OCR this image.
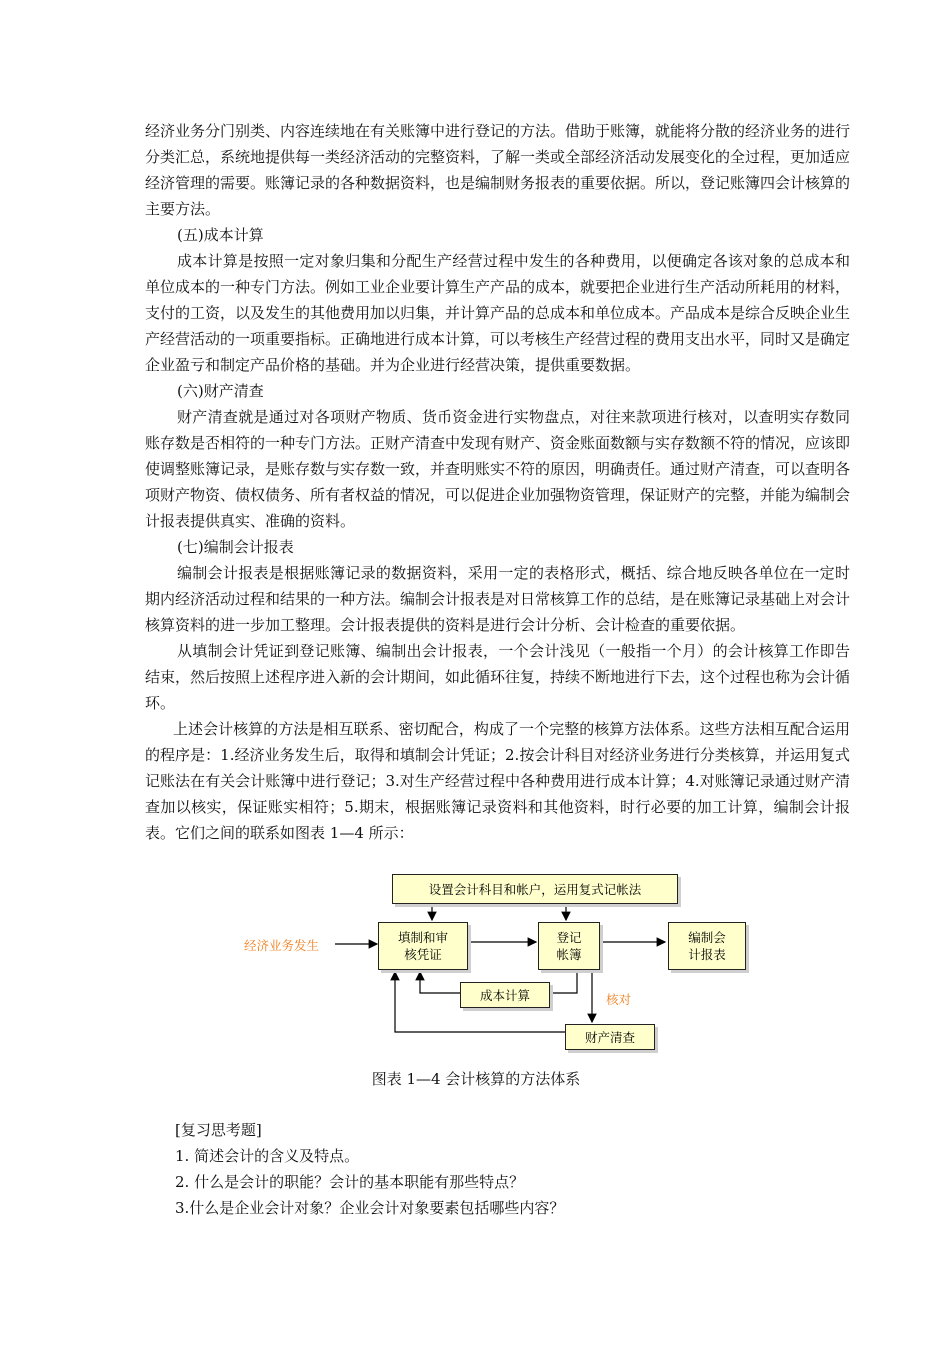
经济业务分门别类、内容连续地在有关账簿中进行登记的方法。借助于账簿，就能将分散的经济业务的进行分类汇总，系统地提供每一类经济活动的完整资料，了解一类或全部经济活动发展变化的全过程，更加适应经济管理的需要。账簿记录的各种数据资料，也是编制财务报表的重要依据。所以，登记账簿四会计核算的主要方法。

(五)成本计算

成本计算是按照一定对象归集和分配生产经营过程中发生的各种费用，以便确定各该对象的总成本和单位成本的一种专门方法。例如工业企业要计算生产产品的成本，就要把企业进行生产活动所耗用的材料，支付的工资，以及发生的其他费用加以归集，并计算产品的总成本和单位成本。产品成本是综合反映企业生产经营活动的一项重要指标。正确地进行成本计算，可以考核生产经营过程的费用支出水平，同时又是确定企业盈亏和制定产品价格的基础。并为企业进行经营决策，提供重要数据。

(六)财产清查

财产清查就是通过对各项财产物质、货币资金进行实物盘点，对往来款项进行核对，以查明实存数同账存数是否相符的一种专门方法。正财产清查中发现有财产、资金账面数额与实存数额不符的情况，应该即使调整账簿记录，是账存数与实存数一致，并查明账实不符的原因，明确责任。通过财产清查，可以查明各项财产物资、债权债务、所有者权益的情况，可以促进企业加强物资管理，保证财产的完整，并能为编制会计报表提供真实、准确的资料。

(七)编制会计报表

编制会计报表是根据账簿记录的数据资料，采用一定的表格形式，概括、综合地反映各单位在一定时期内经济活动过程和结果的一种方法。编制会计报表是对日常核算工作的总结，是在账簿记录基础上对会计核算资料的进一步加工整理。会计报表提供的资料是进行会计分析、会计检查的重要依据。

从填制会计凭证到登记账簿、编制出会计报表，一个会计浅见（一般指一个月）的会计核算工作即告结束，然后按照上述程序进入新的会计期间，如此循环往复，持续不断地进行下去，这个过程也称为会计循环。

上述会计核算的方法是相互联系、密切配合，构成了一个完整的核算方法体系。这些方法相互配合运用的程序是：1.经济业务发生后，取得和填制会计凭证；2.按会计科目对经济业务进行分类核算，并运用复式记账法在有关会计账簿中进行登记；3.对生产经营过程中各种费用进行成本计算；4.对账簿记录通过财产清查加以核实，保证账实相符；5.期末，根据账簿记录资料和其他资料，时行必要的加工计算，编制会计报表。它们之间的联系如图表 1—4 所示：

设置会计科目和帐户，运用复式记帐法
经济业务发生
填制和审
核凭证
登记
帐簿
编制会
计报表
成本计算	核对
财产清查
图表 1—4 会计核算的方法体系

[复习思考题]

1. 简述会计的含义及特点。

2. 什么是会计的职能？会计的基本职能有那些特点？

3.什么是企业会计对象？企业会计对象要素包括哪些内容？
